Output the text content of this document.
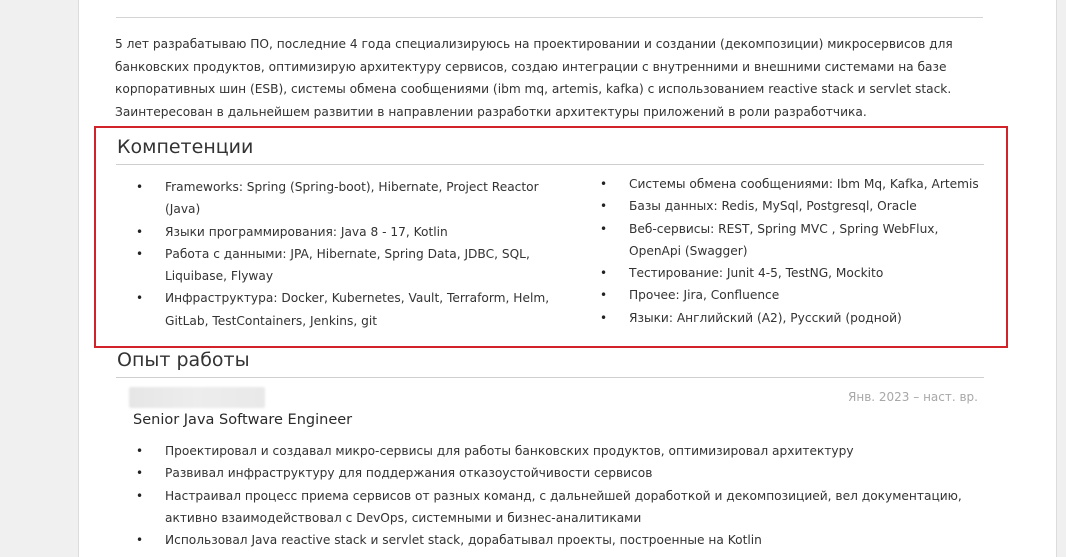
5 лет разрабатываю ПО, последние 4 года специализируюсь на проектировании и создании (декомпозиции) микросервисов для банковских продуктов, оптимизирую архитектуру сервисов, создаю интеграции с внутренними и внешними системами на базе корпоративных шин (ESB), системы обмена сообщениями (ibm mq, artemis, kafka) с использованием reactive stack и servlet stack. Заинтересован в дальнейшем развитии в направлении разработки архитектуры приложений в роли разработчика.
Компетенции
• Frameworks: Spring (Spring-boot), Hibernate, Project Reactor (Java)
• Языки программирования: Java 8 - 17, Kotlin
• Работа с данными: JPA, Hibernate, Spring Data, JDBC, SQL, Liquibase, Flyway
• Инфраструктура: Docker, Kubernetes, Vault, Terraform, Helm, GitLab, TestContainers, Jenkins, git
• Системы обмена сообщениями: Ibm Mq, Kafka, Artemis
• Базы данных: Redis, MySql, Postgresql, Oracle
• Веб-сервисы: REST, Spring MVC , Spring WebFlux, OpenApi (Swagger)
• Тестирование: Junit 4-5, TestNG, Mockito
• Прочее: Jira, Confluence
• Языки: Английский (A2), Русский (родной)
Опыт работы
Янв. 2023 – наст. вр.
Senior Java Software Engineer
• Проектировал и создавал микро-сервисы для работы банковских продуктов, оптимизировал архитектуру
• Развивал инфраструктуру для поддержания отказоустойчивости сервисов
• Настраивал процесс приема сервисов от разных команд, с дальнейшей доработкой и декомпозицией, вел документацию, активно взаимодействовал с DevOps, системными и бизнес-аналитиками
• Использовал Java reactive stack и servlet stack, дорабатывал проекты, построенные на Kotlin
